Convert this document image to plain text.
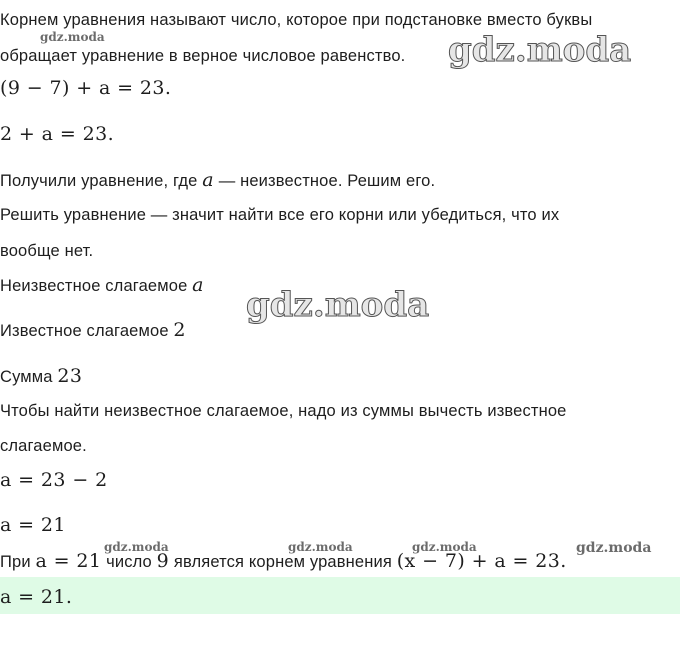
Корнем уравнения называют число, которое при подстановке вместо буквы
обращает уравнение в верное числовое равенство.
(9 − 7) + a = 23.
2 + a = 23.
Получили уравнение, где a — неизвестное. Решим его.
Решить уравнение — значит найти все его корни или убедиться, что их
вообще нет.
Неизвестное слагаемое a
Известное слагаемое 2
Сумма 23
Чтобы найти неизвестное слагаемое, надо из суммы вычесть известное
слагаемое.
a = 23 − 2
a = 21
При a = 21 число 9 является корнем уравнения (x − 7) + a = 23.
a = 21.
gdz.moda	gdz.moda
gdz.moda
gdz.moda	gdz.moda	gdz.moda	gdz.moda
